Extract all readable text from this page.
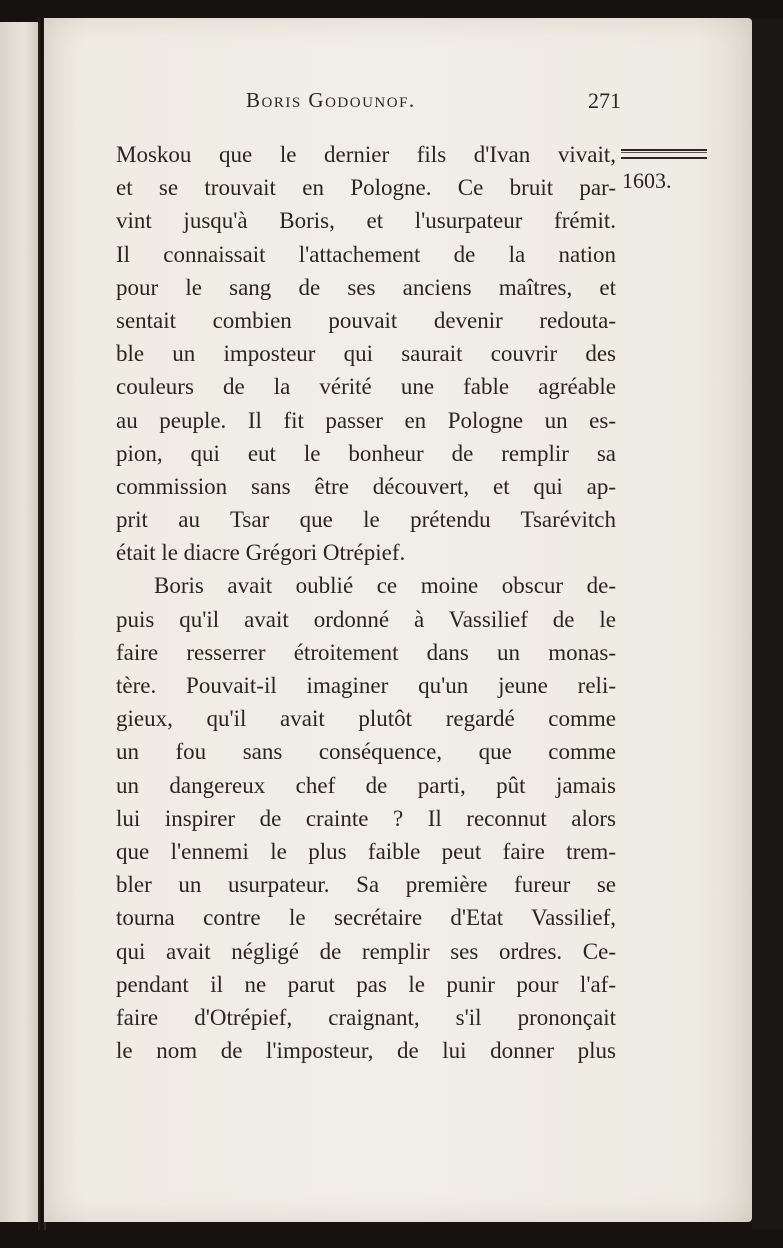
Boris Godounof.	271
1603.
Moskou que le dernier fils d'Ivan vivait,
et se trouvait en Pologne. Ce bruit par-
vint jusqu'à Boris, et l'usurpateur frémit.
Il connaissait l'attachement de la nation
pour le sang de ses anciens maîtres, et
sentait combien pouvait devenir redouta-
ble un imposteur qui saurait couvrir des
couleurs de la vérité une fable agréable
au peuple. Il fit passer en Pologne un es-
pion, qui eut le bonheur de remplir sa
commission sans être découvert, et qui ap-
prit au Tsar que le prétendu Tsarévitch
était le diacre Grégori Otrépief.
Boris avait oublié ce moine obscur de-
puis qu'il avait ordonné à Vassilief de le
faire resserrer étroitement dans un monas-
tère. Pouvait-il imaginer qu'un jeune reli-
gieux, qu'il avait plutôt regardé comme
un fou sans conséquence, que comme
un dangereux chef de parti, pût jamais
lui inspirer de crainte ? Il reconnut alors
que l'ennemi le plus faible peut faire trem-
bler un usurpateur. Sa première fureur se
tourna contre le secrétaire d'Etat Vassilief,
qui avait négligé de remplir ses ordres. Ce-
pendant il ne parut pas le punir pour l'af-
faire d'Otrépief, craignant, s'il prononçait
le nom de l'imposteur, de lui donner plus
